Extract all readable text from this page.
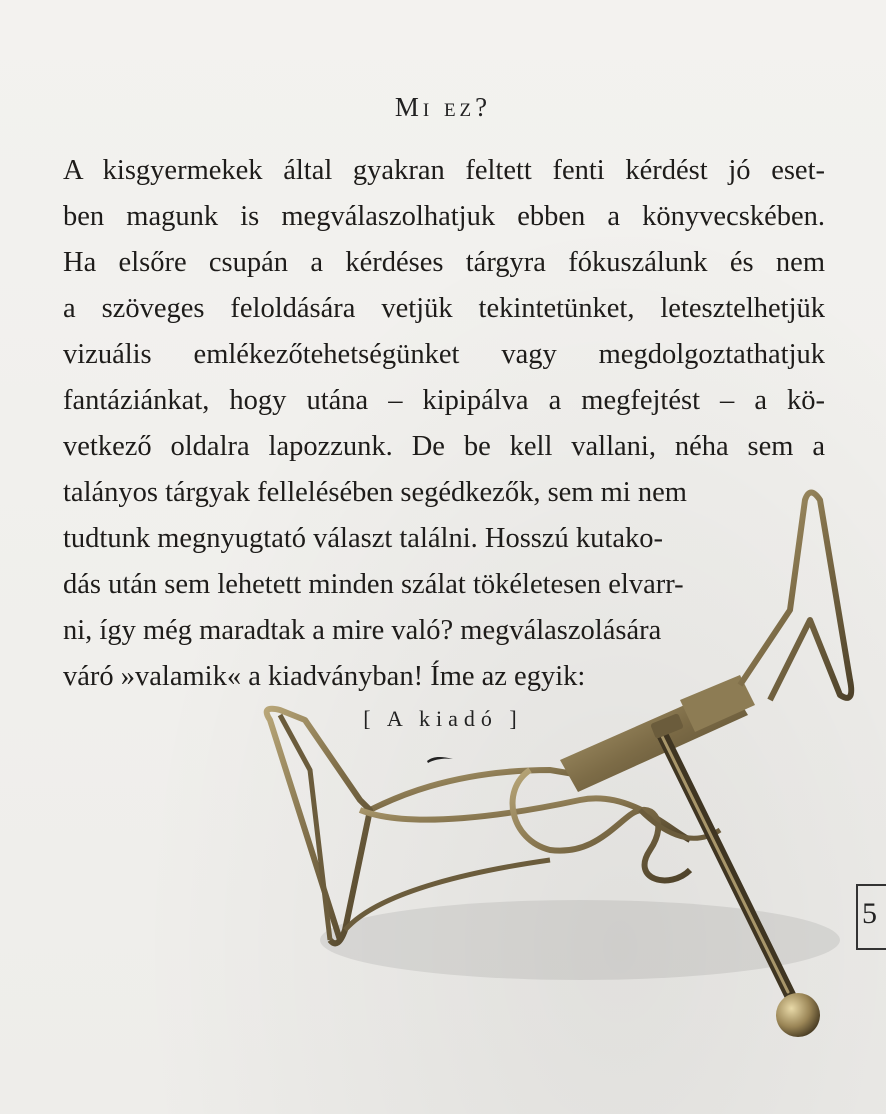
Mi ez?

A kisgyermekek által gyakran feltett fenti kérdést jó eset-
ben magunk is megválaszolhatjuk ebben a könyvecskében.
Ha elsőre csupán a kérdéses tárgyra fókuszálunk és nem
a szöveges feloldására vetjük tekintetünket, letesztelhetjük
vizuális emlékezőtehetségünket vagy megdolgoztathatjuk
fantáziánkat, hogy utána – kipipálva a megfejtést – a kö-
vetkező oldalra lapozzunk. De be kell vallani, néha sem a
talányos tárgyak fellelésében segédkezők, sem mi nem
tudtunk megnyugtató választ találni. Hosszú kutako-
dás után sem lehetett minden szálat tökéletesen elvarr-
ni, így még maradtak a mire való? megválaszolására
váró »valamik« a kiadványban! Íme az egyik:

[ A kiadó ]
5
